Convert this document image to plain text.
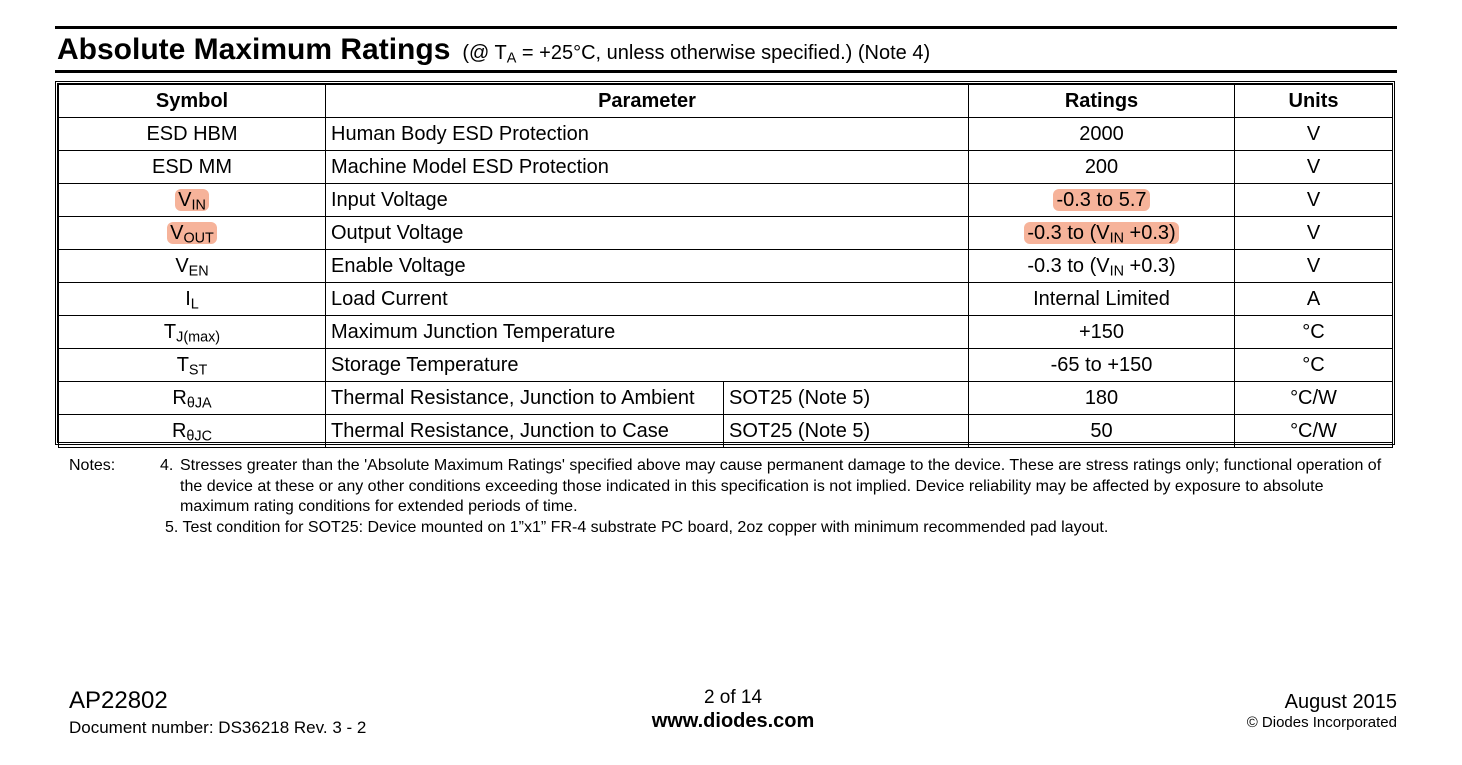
Absolute Maximum Ratings (@ $T_A = +25^\circ C$, unless otherwise specified.) (Note 4)
Symbol	Parameter		Ratings	Units
ESD HBM	Human Body ESD Protection		2000	V
ESD MM	Machine Model ESD Protection		200	V
$V_{IN}$	Input Voltage		-0.3 to 5.7	V
$V_{OUT}$	Output Voltage		-0.3 to $(V_{IN} +0.3)$	V
$V_{EN}$	Enable Voltage		-0.3 to $(V_{IN} +0.3)$	V
$I_L$	Load Current		Internal Limited	A
$T_{J(max)}$	Maximum Junction Temperature		+150	°C
$T_{ST}$	Storage Temperature		-65 to +150	°C
$R_{\theta JA}$	Thermal Resistance, Junction to Ambient	SOT25 (Note 5)	180	°C/W
$R_{\theta JC}$	Thermal Resistance, Junction to Case	SOT25 (Note 5)	50	°C/W
Notes:	4. Stresses greater than the 'Absolute Maximum Ratings' specified above may cause permanent damage to the device. These are stress ratings only; functional operation of the device at these or any other conditions exceeding those indicated in this specification is not implied. Device reliability may be affected by exposure to absolute maximum rating conditions for extended periods of time.
5. Test condition for SOT25: Device mounted on 1”x1” FR-4 substrate PC board, 2oz copper with minimum recommended pad layout.
AP22802
Document number: DS36218 Rev. 3 - 2
2 of 14
www.diodes.com
August 2015
© Diodes Incorporated
